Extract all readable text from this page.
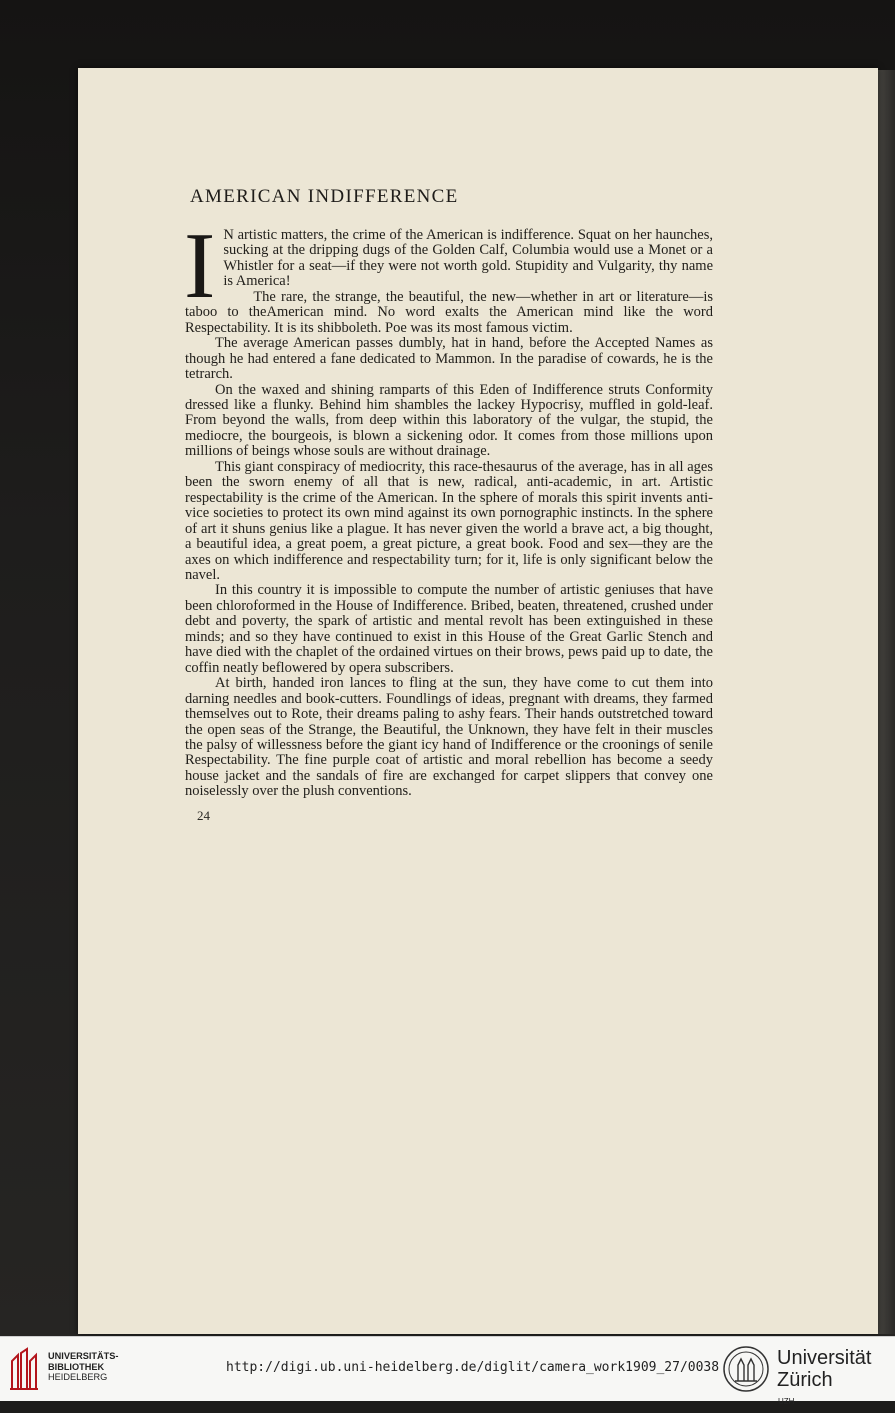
AMERICAN INDIFFERENCE

I N artistic matters, the crime of the American is indifference. Squat on her haunches, sucking at the dripping dugs of the Golden Calf, Columbia would use a Monet or a Whistler for a seat—if they were not worth gold. Stupidity and Vulgarity, thy name is America!

The rare, the strange, the beautiful, the new—whether in art or literature—is taboo to theAmerican mind. No word exalts the American mind like the word Respectability. It is its shibboleth. Poe was its most famous victim.

The average American passes dumbly, hat in hand, before the Accepted Names as though he had entered a fane dedicated to Mammon. In the paradise of cowards, he is the tetrarch.

On the waxed and shining ramparts of this Eden of Indifference struts Conformity dressed like a flunky. Behind him shambles the lackey Hypocrisy, muffled in gold-leaf. From beyond the walls, from deep within this laboratory of the vulgar, the stupid, the mediocre, the bourgeois, is blown a sickening odor. It comes from those millions upon millions of beings whose souls are without drainage.

This giant conspiracy of mediocrity, this race-thesaurus of the average, has in all ages been the sworn enemy of all that is new, radical, anti-academic, in art. Artistic respectability is the crime of the American. In the sphere of morals this spirit invents anti-vice societies to protect its own mind against its own pornographic instincts. In the sphere of art it shuns genius like a plague. It has never given the world a brave act, a big thought, a beautiful idea, a great poem, a great picture, a great book. Food and sex—they are the axes on which indifference and respectability turn; for it, life is only significant below the navel.

In this country it is impossible to compute the number of artistic geniuses that have been chloroformed in the House of Indifference. Bribed, beaten, threatened, crushed under debt and poverty, the spark of artistic and mental revolt has been extinguished in these minds; and so they have continued to exist in this House of the Great Garlic Stench and have died with the chaplet of the ordained virtues on their brows, pews paid up to date, the coffin neatly beflowered by opera subscribers.

At birth, handed iron lances to fling at the sun, they have come to cut them into darning needles and book-cutters. Foundlings of ideas, pregnant with dreams, they farmed themselves out to Rote, their dreams paling to ashy fears. Their hands outstretched toward the open seas of the Strange, the Beautiful, the Unknown, they have felt in their muscles the palsy of willessness before the giant icy hand of Indifference or the croonings of senile Respectability. The fine purple coat of artistic and moral rebellion has become a seedy house jacket and the sandals of fire are exchanged for carpet slippers that convey one noiselessly over the plush conventions.

24
UNIVERSITÄTS-
BIBLIOTHEK
HEIDELBERG
http://digi.ub.uni-heidelberg.de/diglit/camera_work1909_27/0038	Universität
Zürich
UZH
